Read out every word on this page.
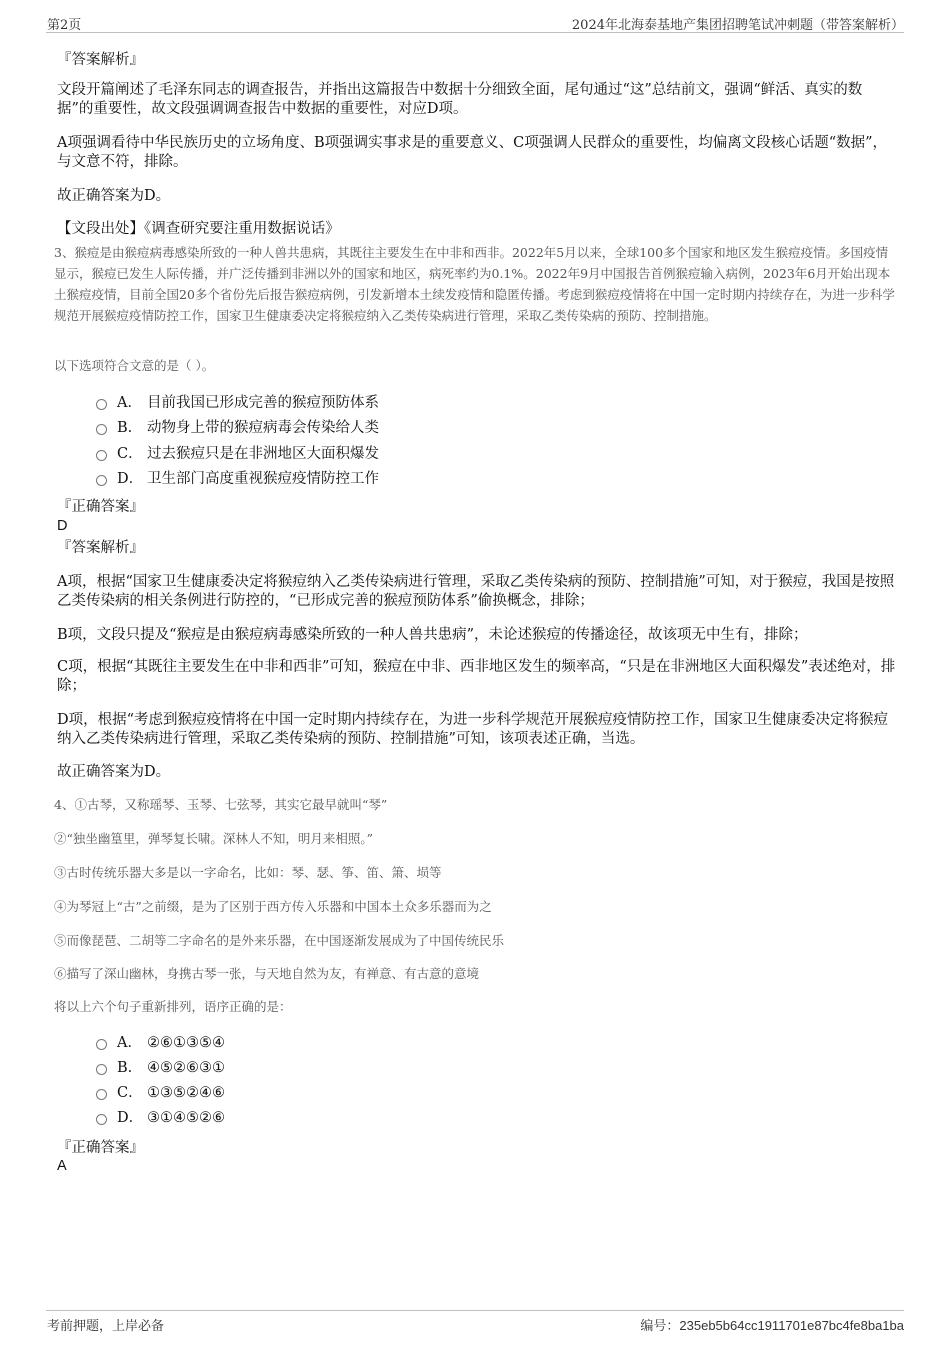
第2页	2024年北海泰基地产集团招聘笔试冲刺题（带答案解析）
『答案解析』
文段开篇阐述了毛泽东同志的调查报告，并指出这篇报告中数据十分细致全面，尾句通过“这”总结前文，强调“鲜活、真实的数据”的重要性，故文段强调调查报告中数据的重要性，对应D项。
A项强调看待中华民族历史的立场角度、B项强调实事求是的重要意义、C项强调人民群众的重要性，均偏离文段核心话题“数据”，与文意不符，排除。
故正确答案为D。
【文段出处】《调查研究要注重用数据说话》
3、猴痘是由猴痘病毒感染所致的一种人兽共患病，其既往主要发生在中非和西非。2022年5月以来，全球100多个国家和地区发生猴痘疫情。多国疫情显示，猴痘已发生人际传播，并广泛传播到非洲以外的国家和地区，病死率约为0.1%。2022年9月中国报告首例猴痘输入病例，2023年6月开始出现本土猴痘疫情，目前全国20多个省份先后报告猴痘病例，引发新增本土续发疫情和隐匿传播。考虑到猴痘疫情将在中国一定时期内持续存在，为进一步科学规范开展猴痘疫情防控工作，国家卫生健康委决定将猴痘纳入乙类传染病进行管理，采取乙类传染病的预防、控制措施。
以下选项符合文意的是（ ）。
A． 目前我国已形成完善的猴痘预防体系
B. 动物身上带的猴痘病毒会传染给人类
C． 过去猴痘只是在非洲地区大面积爆发
D． 卫生部门高度重视猴痘疫情防控工作
『正确答案』
D
『答案解析』
A项，根据“国家卫生健康委决定将猴痘纳入乙类传染病进行管理，采取乙类传染病的预防、控制措施”可知，对于猴痘，我国是按照乙类传染病的相关条例进行防控的，“已形成完善的猴痘预防体系”偷换概念，排除；
B项，文段只提及“猴痘是由猴痘病毒感染所致的一种人兽共患病”，未论述猴痘的传播途径，故该项无中生有，排除；
C项，根据“其既往主要发生在中非和西非”可知，猴痘在中非、西非地区发生的频率高，“只是在非洲地区大面积爆发”表述绝对，排除；
D项，根据“考虑到猴痘疫情将在中国一定时期内持续存在，为进一步科学规范开展猴痘疫情防控工作，国家卫生健康委决定将猴痘纳入乙类传染病进行管理，采取乙类传染病的预防、控制措施”可知，该项表述正确，当选。
故正确答案为D。
4、①古琴，又称瑶琴、玉琴、七弦琴，其实它最早就叫“琴”
②“独坐幽篁里，弹琴复长啸。深林人不知，明月来相照。”
③古时传统乐器大多是以一字命名，比如：琴、瑟、筝、笛、箫、埙等
④为琴冠上“古”之前缀，是为了区别于西方传入乐器和中国本土众多乐器而为之
⑤而像琵琶、二胡等二字命名的是外来乐器，在中国逐渐发展成为了中国传统民乐
⑥描写了深山幽林，身携古琴一张，与天地自然为友，有禅意、有古意的意境
将以上六个句子重新排列，语序正确的是：
A． ②⑥①③⑤④
B. ④⑤②⑥③①
C． ①③⑤②④⑥
D． ③①④⑤②⑥
『正确答案』
A
考前押题，上岸必备	编号：235eb5b64cc1911701e87bc4fe8ba1ba
